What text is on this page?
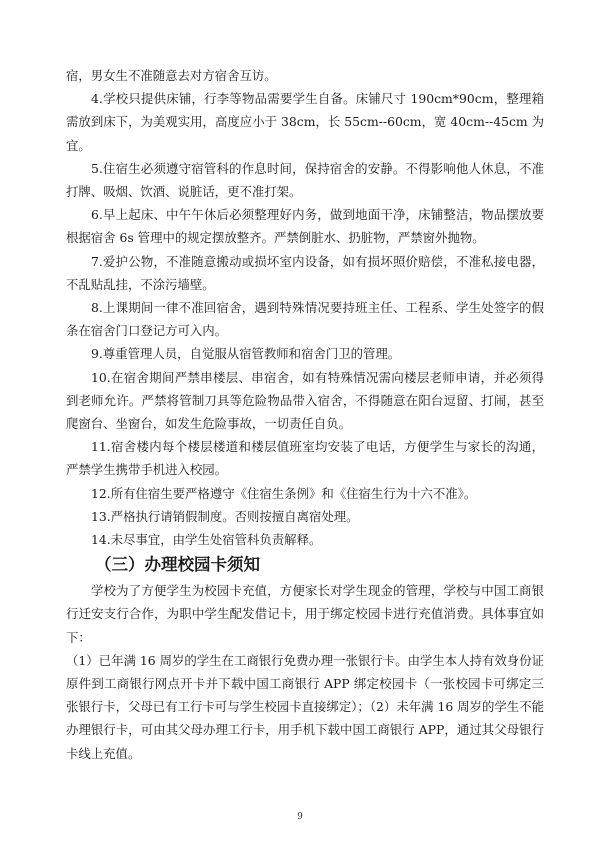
宿，男女生不准随意去对方宿舍互访。

4.学校只提供床铺，行李等物品需要学生自备。床铺尺寸 190cm*90cm，整理箱需放到床下，为美观实用，高度应小于 38cm，长 55cm--60cm，宽 40cm--45cm 为宜。

5.住宿生必须遵守宿管科的作息时间，保持宿舍的安静。不得影响他人休息，不准打牌、吸烟、饮酒、说脏话，更不准打架。

6.早上起床、中午午休后必须整理好内务，做到地面干净，床铺整洁，物品摆放要根据宿舍 6s 管理中的规定摆放整齐。严禁倒脏水、扔脏物，严禁窗外抛物。

7.爱护公物，不准随意搬动或损坏室内设备，如有损坏照价赔偿，不准私接电器，不乱贴乱挂，不涂污墙壁。

8.上课期间一律不准回宿舍，遇到特殊情况要持班主任、工程系、学生处签字的假条在宿舍门口登记方可入内。

9.尊重管理人员，自觉服从宿管教师和宿舍门卫的管理。

10.在宿舍期间严禁串楼层、串宿舍，如有特殊情况需向楼层老师申请，并必须得到老师允许。严禁将管制刀具等危险物品带入宿舍，不得随意在阳台逗留、打闹，甚至爬窗台、坐窗台，如发生危险事故，一切责任自负。

11.宿舍楼内每个楼层楼道和楼层值班室均安装了电话，方便学生与家长的沟通，严禁学生携带手机进入校园。

12.所有住宿生要严格遵守《住宿生条例》和《住宿生行为十六不准》。

13.严格执行请销假制度。否则按擅自离宿处理。

14.未尽事宜，由学生处宿管科负责解释。

（三）办理校园卡须知

学校为了方便学生为校园卡充值，方便家长对学生现金的管理，学校与中国工商银行迁安支行合作，为职中学生配发借记卡，用于绑定校园卡进行充值消费。具体事宜如下：

（1）已年满 16 周岁的学生在工商银行免费办理一张银行卡。由学生本人持有效身份证原件到工商银行网点开卡并下载中国工商银行 APP 绑定校园卡（一张校园卡可绑定三张银行卡，父母已有工行卡可与学生校园卡直接绑定）；（2）未年满 16 周岁的学生不能办理银行卡，可由其父母办理工行卡，用手机下载中国工商银行 APP，通过其父母银行卡线上充值。

9
